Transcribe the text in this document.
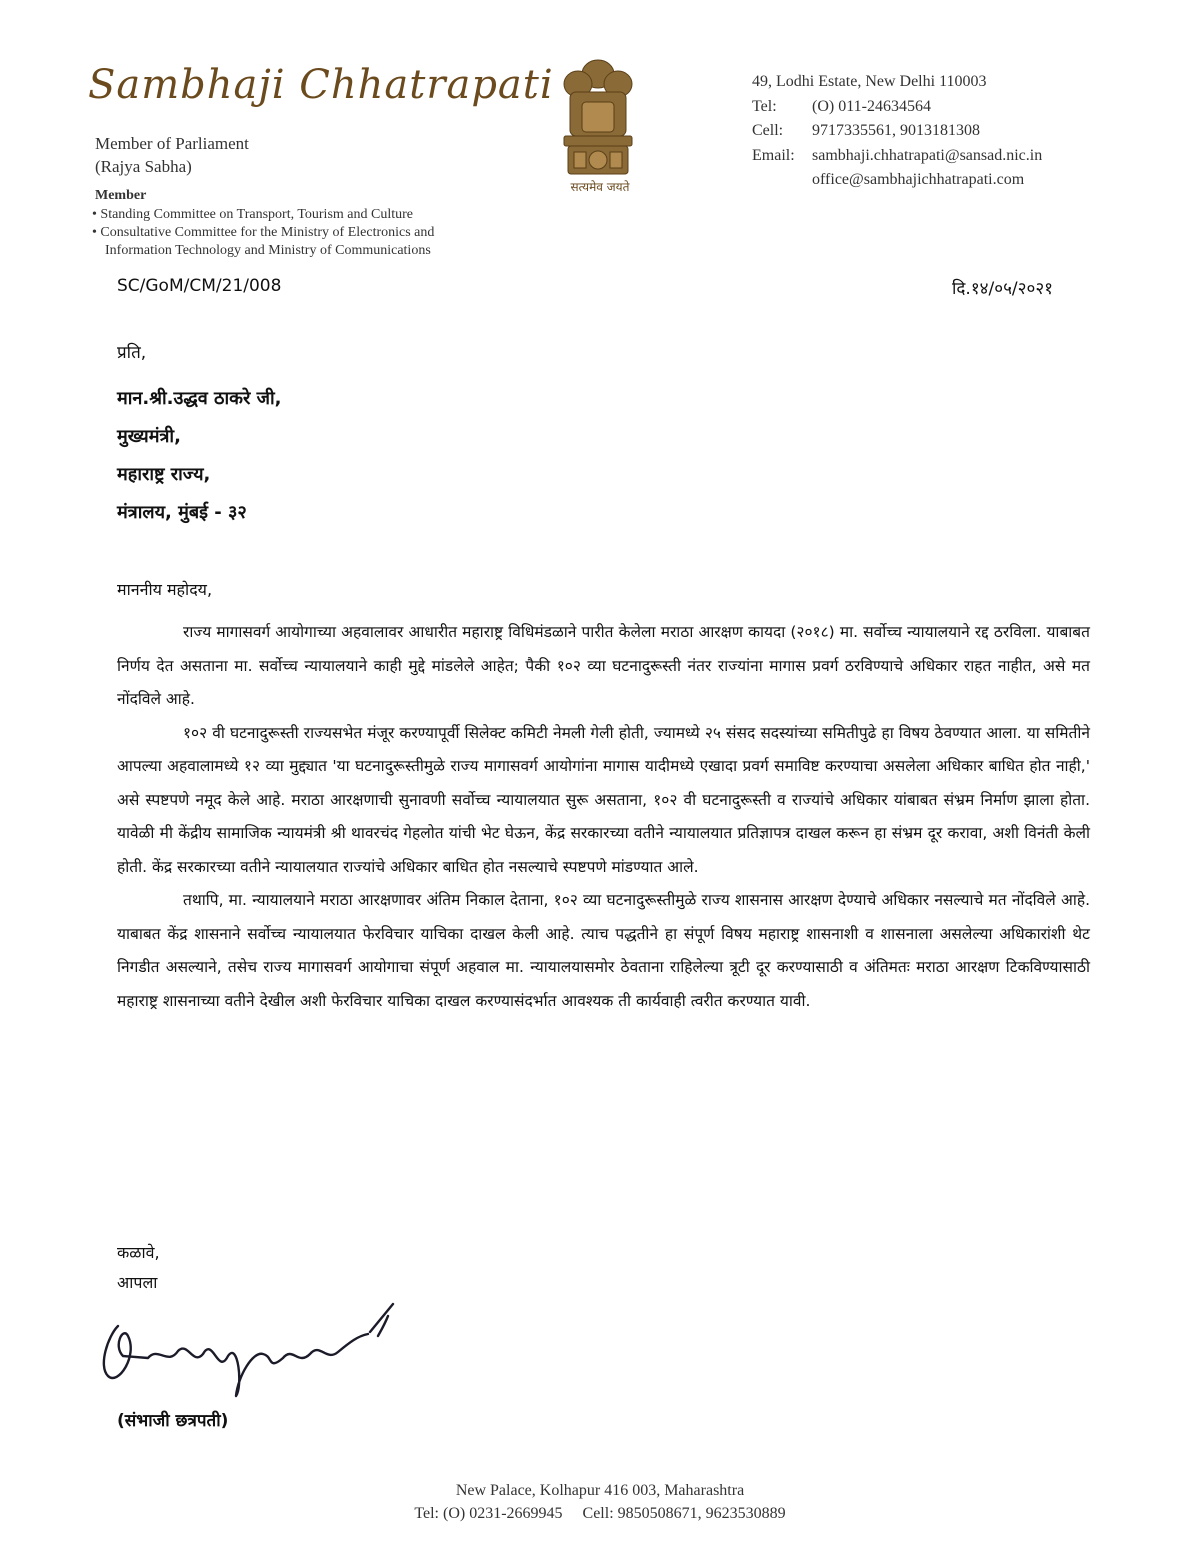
Sambhaji Chhatrapati
Member of Parliament
(Rajya Sabha)
Member
• Standing Committee on Transport, Tourism and Culture
• Consultative Committee for the Ministry of Electronics and
Information Technology and Ministry of Communications
सत्यमेव जयते
49, Lodhi Estate, New Delhi 110003
Tel:	(O) 011-24634564
Cell:	9717335561, 9013181308
Email:	sambhaji.chhatrapati@sansad.nic.in
office@sambhajichhatrapati.com
SC/GoM/CM/21/008	दि.१४/०५/२०२१
प्रति,
मान.श्री.उद्धव ठाकरे जी,
मुख्यमंत्री,
महाराष्ट्र राज्य,
मंत्रालय, मुंबई - ३२
माननीय महोदय,

राज्य मागासवर्ग आयोगाच्या अहवालावर आधारीत महाराष्ट्र विधिमंडळाने पारीत केलेला मराठा आरक्षण कायदा (२०१८) मा. सर्वोच्च न्यायालयाने रद्द ठरविला. याबाबत निर्णय देत असताना मा. सर्वोच्च न्यायालयाने काही मुद्दे मांडलेले आहेत; पैकी १०२ व्या घटनादुरूस्ती नंतर राज्यांना मागास प्रवर्ग ठरविण्याचे अधिकार राहत नाहीत, असे मत नोंदविले आहे.

१०२ वी घटनादुरूस्ती राज्यसभेत मंजूर करण्यापूर्वी सिलेक्ट कमिटी नेमली गेली होती, ज्यामध्ये २५ संसद सदस्यांच्या समितीपुढे हा विषय ठेवण्यात आला. या समितीने आपल्या अहवालामध्ये १२ व्या मुद्द्यात 'या घटनादुरूस्तीमुळे राज्य मागासवर्ग आयोगांना मागास यादीमध्ये एखादा प्रवर्ग समाविष्ट करण्याचा असलेला अधिकार बाधित होत नाही,' असे स्पष्टपणे नमूद केले आहे. मराठा आरक्षणाची सुनावणी सर्वोच्च न्यायालयात सुरू असताना, १०२ वी घटनादुरूस्ती व राज्यांचे अधिकार यांबाबत संभ्रम निर्माण झाला होता. यावेळी मी केंद्रीय सामाजिक न्यायमंत्री श्री थावरचंद गेहलोत यांची भेट घेऊन, केंद्र सरकारच्या वतीने न्यायालयात प्रतिज्ञापत्र दाखल करून हा संभ्रम दूर करावा, अशी विनंती केली होती. केंद्र सरकारच्या वतीने न्यायालयात राज्यांचे अधिकार बाधित होत नसल्याचे स्पष्टपणे मांडण्यात आले.

तथापि, मा. न्यायालयाने मराठा आरक्षणावर अंतिम निकाल देताना, १०२ व्या घटनादुरूस्तीमुळे राज्य शासनास आरक्षण देण्याचे अधिकार नसल्याचे मत नोंदविले आहे. याबाबत केंद्र शासनाने सर्वोच्च न्यायालयात फेरविचार याचिका दाखल केली आहे. त्याच पद्धतीने हा संपूर्ण विषय महाराष्ट्र शासनाशी व शासनाला असलेल्या अधिकारांशी थेट निगडीत असल्याने, तसेच राज्य मागासवर्ग आयोगाचा संपूर्ण अहवाल मा. न्यायालयासमोर ठेवताना राहिलेल्या त्रूटी दूर करण्यासाठी व अंतिमतः मराठा आरक्षण टिकविण्यासाठी महाराष्ट्र शासनाच्या वतीने देखील अशी फेरविचार याचिका दाखल करण्यासंदर्भात आवश्यक ती कार्यवाही त्वरीत करण्यात यावी.

कळावे,
आपला
(संभाजी छत्रपती)
New Palace, Kolhapur 416 003, Maharashtra
Tel: (O) 0231-2669945     Cell: 9850508671, 9623530889
